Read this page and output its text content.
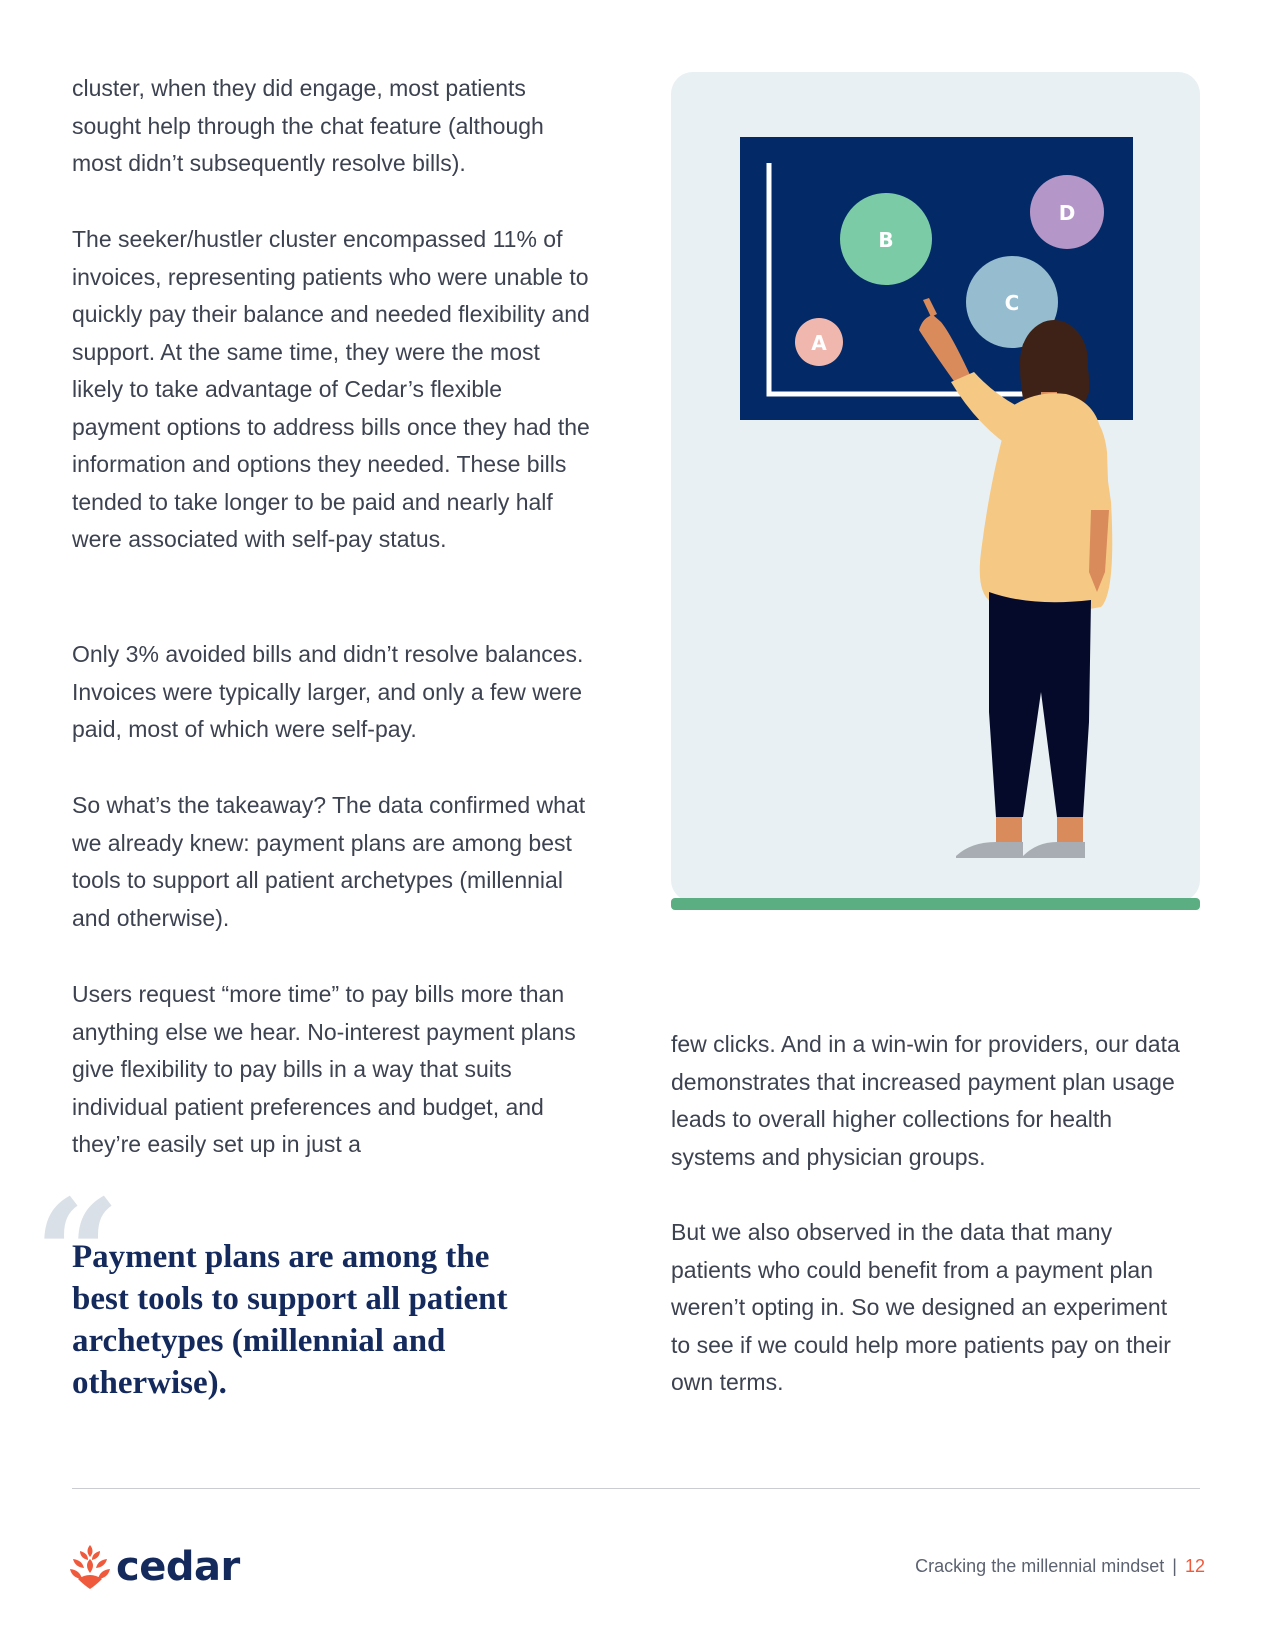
cluster, when they did engage, most patients sought help through the chat feature (although most didn’t subsequently resolve bills).

The seeker/hustler cluster encompassed 11% of invoices, representing patients who were unable to quickly pay their balance and needed flexibility and support. At the same time, they were the most likely to take advantage of Cedar’s flexible payment options to address bills once they had the information and options they needed. These bills tended to take longer to be paid and nearly half were associated with self-pay status.

Only 3% avoided bills and didn’t resolve balances. Invoices were typically larger, and only a few were paid, most of which were self-pay.

So what’s the takeaway? The data confirmed what we already knew: payment plans are among best tools to support all patient archetypes (millennial and otherwise).

Users request “more time” to pay bills more than anything else we hear. No-interest payment plans give flexibility to pay bills in a way that suits individual patient preferences and budget, and they’re easily set up in just a

“

Payment plans are among the best tools to support all patient archetypes (millennial and otherwise).

A
B
C
D

few clicks. And in a win-win for providers, our data demonstrates that increased payment plan usage leads to overall higher collections for health systems and physician groups.

But we also observed in the data that many patients who could benefit from a payment plan weren’t opting in. So we designed an experiment to see if we could help more patients pay on their own terms.

cedar	Cracking the millennial mindset | 12
